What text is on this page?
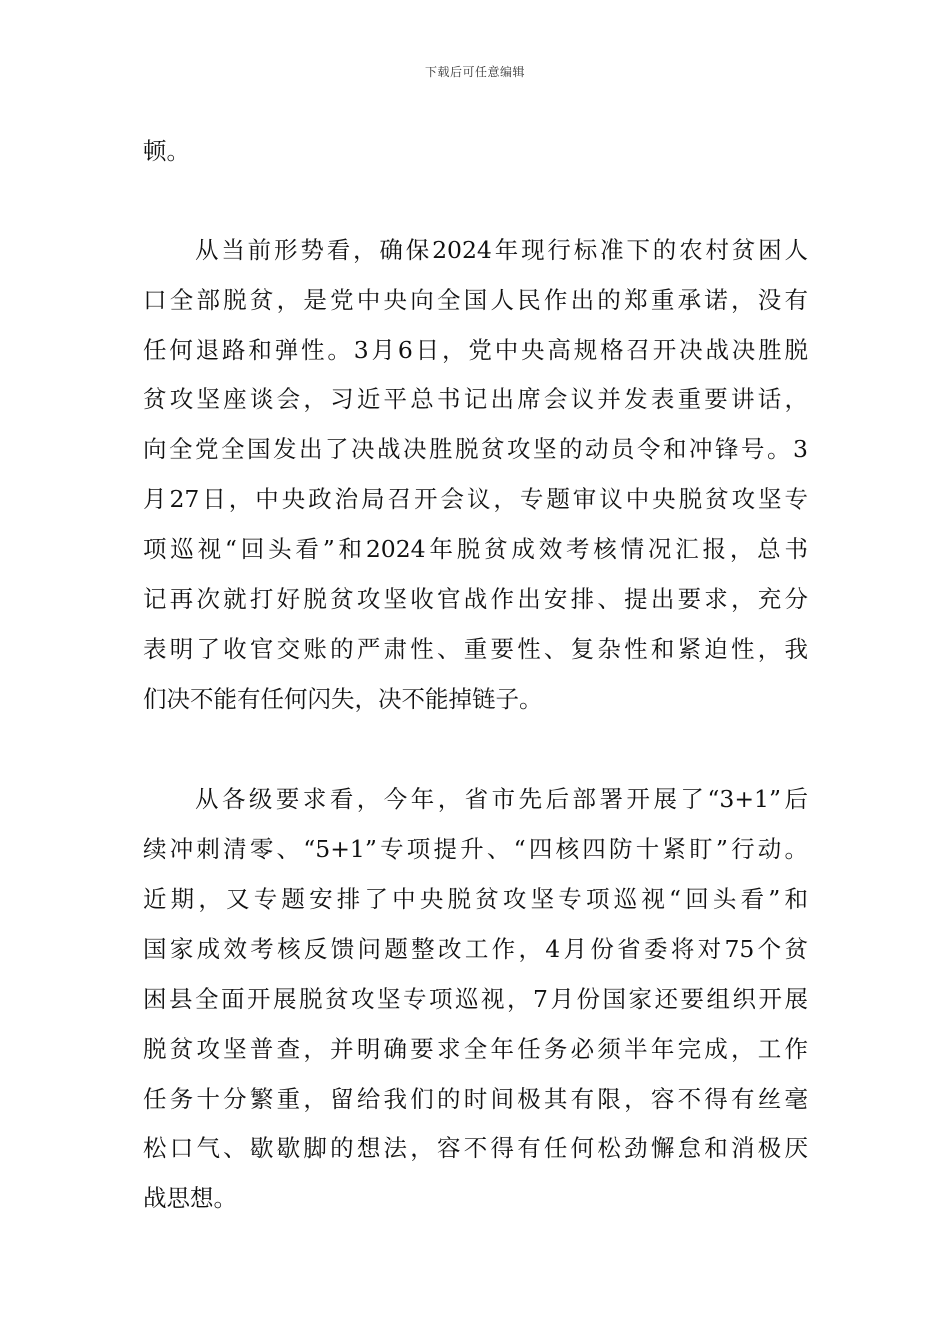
下载后可任意编辑
顿。
从当前形势看，确保2024年现行标准下的农村贫困人
口全部脱贫，是党中央向全国人民作出的郑重承诺，没有
任何退路和弹性。3月6日，党中央高规格召开决战决胜脱
贫攻坚座谈会，习近平总书记出席会议并发表重要讲话，
向全党全国发出了决战决胜脱贫攻坚的动员令和冲锋号。3
月27日，中央政治局召开会议，专题审议中央脱贫攻坚专
项巡视“回头看”和2024年脱贫成效考核情况汇报，总书
记再次就打好脱贫攻坚收官战作出安排、提出要求，充分
表明了收官交账的严肃性、重要性、复杂性和紧迫性，我
们决不能有任何闪失，决不能掉链子。
从各级要求看，今年，省市先后部署开展了“3+1”后
续冲刺清零、“5+1”专项提升、“四核四防十紧盯”行动。
近期，又专题安排了中央脱贫攻坚专项巡视“回头看”和
国家成效考核反馈问题整改工作，4月份省委将对75个贫
困县全面开展脱贫攻坚专项巡视，7月份国家还要组织开展
脱贫攻坚普查，并明确要求全年任务必须半年完成，工作
任务十分繁重，留给我们的时间极其有限，容不得有丝毫
松口气、歇歇脚的想法，容不得有任何松劲懈怠和消极厌
战思想。
